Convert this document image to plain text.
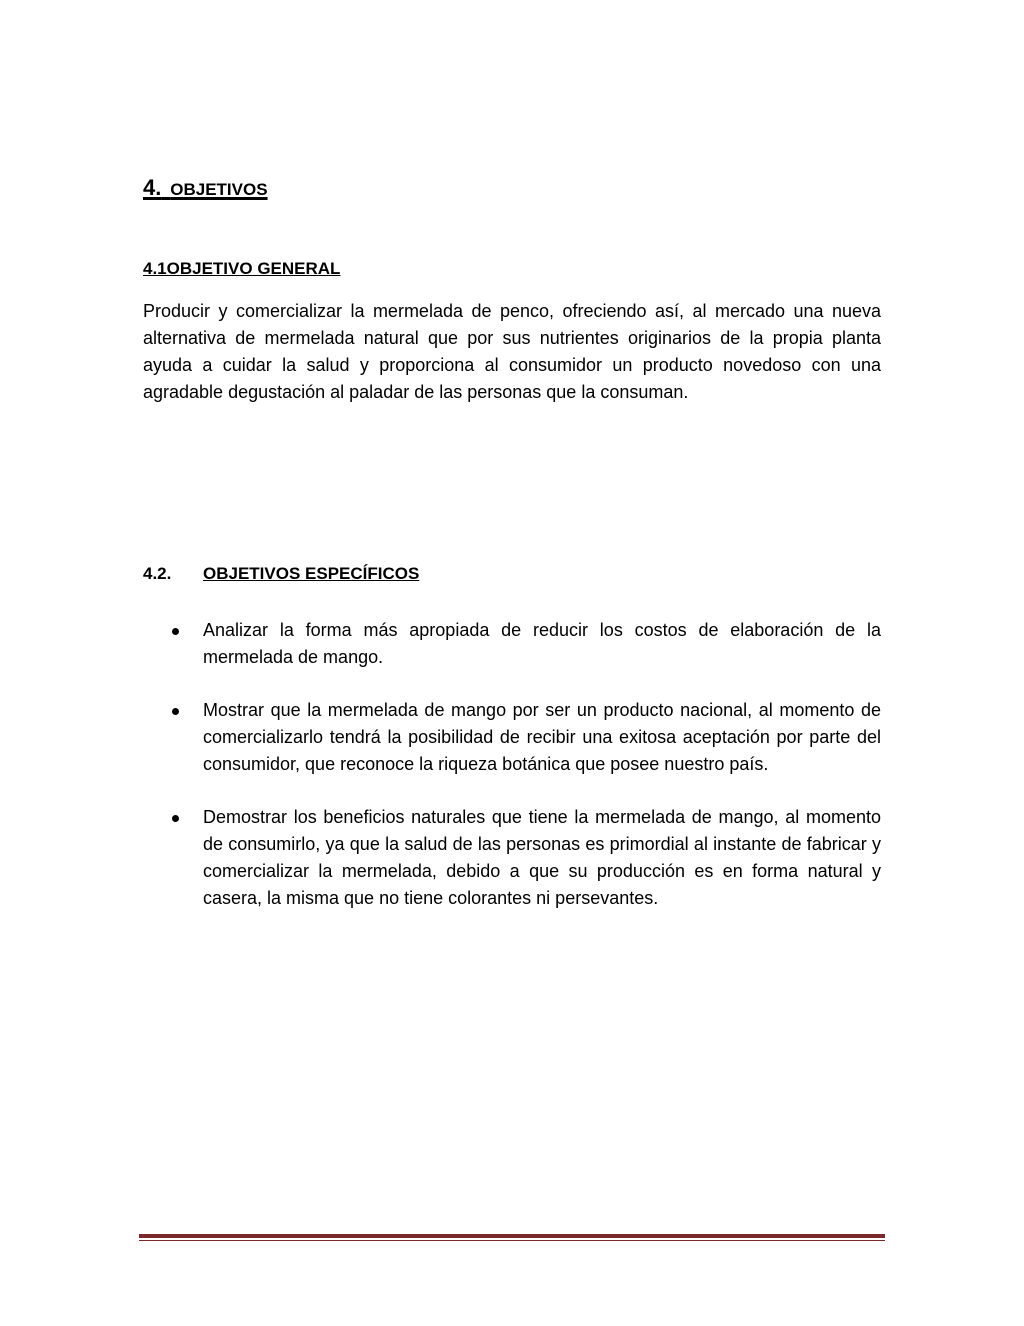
4. OBJETIVOS
4.1OBJETIVO GENERAL

Producir y comercializar la mermelada de penco, ofreciendo así, al mercado una nueva alternativa de mermelada natural que por sus nutrientes originarios de la propia planta ayuda a cuidar la salud y proporciona al consumidor un producto novedoso con una agradable degustación al paladar de las personas que la consuman.

4.2. OBJETIVOS ESPECÍFICOS
Analizar la forma más apropiada de reducir los costos de elaboración de la mermelada de mango.
Mostrar que la mermelada de mango por ser un producto nacional, al momento de comercializarlo tendrá la posibilidad de recibir una exitosa aceptación por parte del consumidor, que reconoce la riqueza botánica que posee nuestro país.
Demostrar los beneficios naturales que tiene la mermelada de mango, al momento de consumirlo, ya que la salud de las personas es primordial al instante de fabricar y comercializar la mermelada, debido a que su producción es en forma natural y casera, la misma que no tiene colorantes ni persevantes.
